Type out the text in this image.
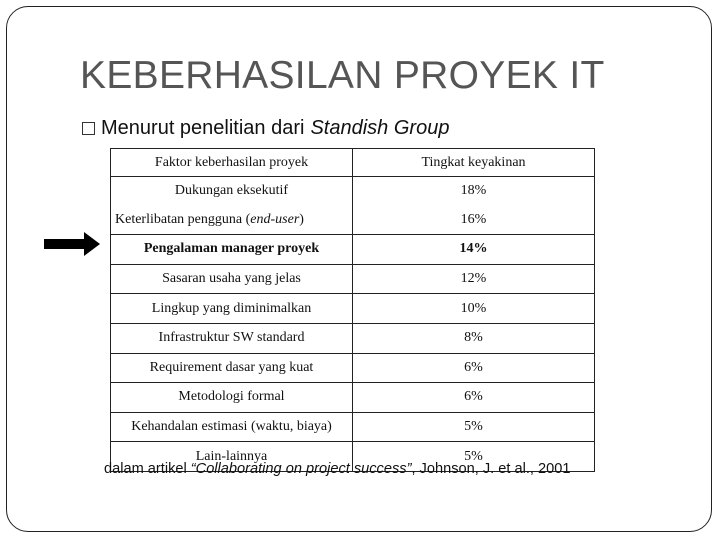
KEBERHASILAN PROYEK IT
Menurut penelitian dari Standish Group
Faktor keberhasilan proyek	Tingkat keyakinan
Dukungan eksekutif	18%
Keterlibatan pengguna (end-user)	16%
Pengalaman manager proyek	14%
Sasaran usaha yang jelas	12%
Lingkup yang diminimalkan	10%
Infrastruktur SW standard	8%
Requirement dasar yang kuat	6%
Metodologi formal	6%
Kehandalan estimasi (waktu, biaya)	5%
Lain-lainnya	5%
dalam artikel “Collaborating on project success”, Johnson, J. et al., 2001
